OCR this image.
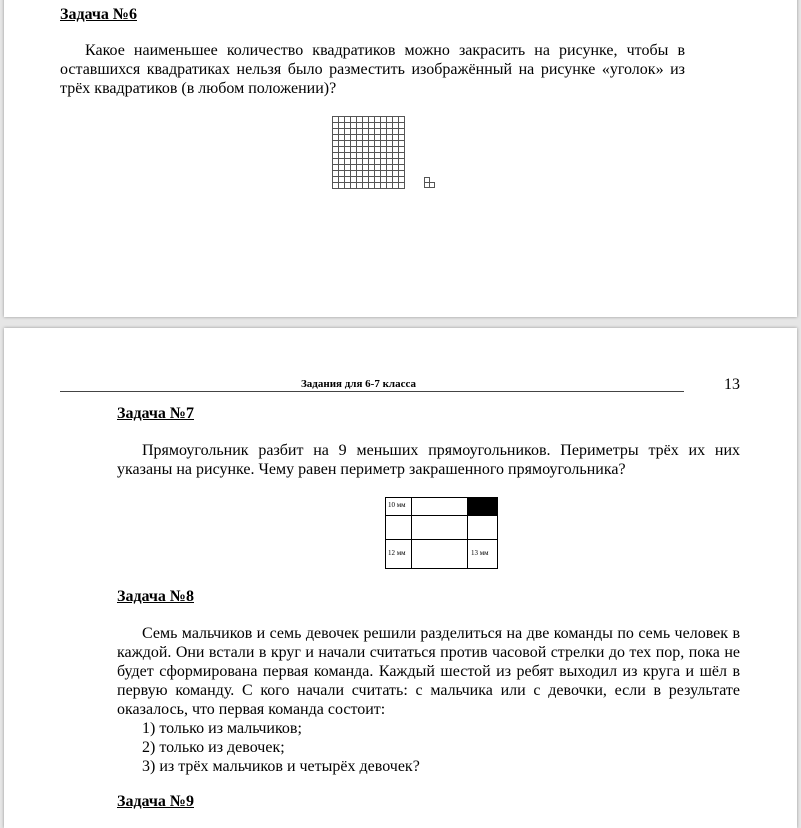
Задача №6

Какое наименьшее количество квадратиков можно закрасить на рисунке, чтобы в оставшихся квадратиках нельзя было разместить изображённый на рисунке «уголок» из трёх квадратиков (в любом положении)?

Задания для 6-7 класса	13
Задача №7

Прямоугольник разбит на 9 меньших прямоугольников. Периметры трёх их них указаны на рисунке. Чему равен периметр закрашенного прямоугольника?

10 мм
12 мм	13 мм
Задача №8

Семь мальчиков и семь девочек решили разделиться на две команды по семь человек в каждой. Они встали в круг и начали считаться против часовой стрелки до тех пор, пока не будет сформирована первая команда. Каждый шестой из ребят выходил из круга и шёл в первую команду. С кого начали считать: с мальчика или с девочки, если в результате оказалось, что первая команда состоит:

1) только из мальчиков;
2) только из девочек;
3) из трёх мальчиков и четырёх девочек?
Задача №9
